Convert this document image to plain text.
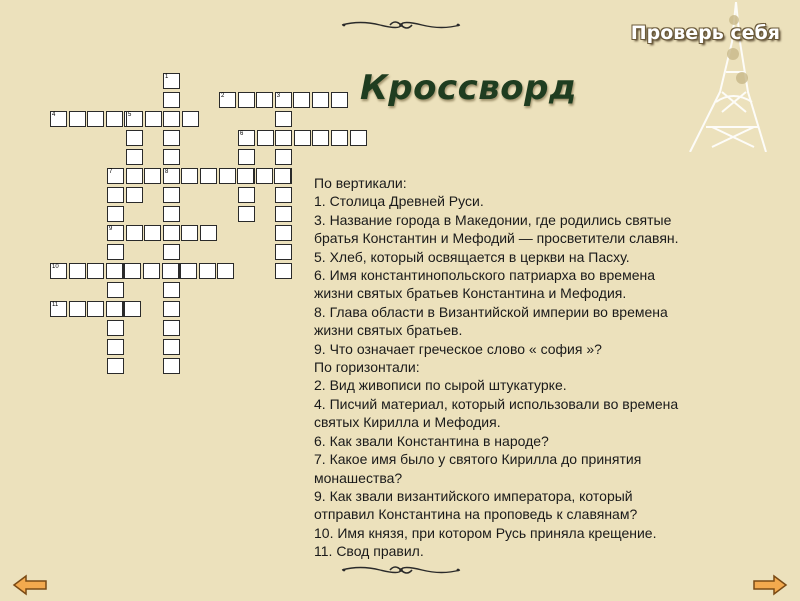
Проверь себя
Кроссворд
1
8
2	3
4	5
6
7
9
10
11
По вертикали:
1. Столица Древней Руси.
3. Название города в Македонии, где родились святые
братья Константин и Мефодий — просветители славян.
5. Хлеб, который освящается в церкви на Пасху.
6. Имя константинопольского патриарха во времена
жизни святых братьев Константина и Мефодия.
8. Глава области в Византийской империи во времена
жизни святых братьев.
9. Что означает греческое слово « софия »?
По горизонтали:
2. Вид живописи по сырой штукатурке.
4. Писчий материал, который использовали во времена
святых Кирилла и Мефодия.
6. Как звали Константина в народе?
7. Какое имя было у святого Кирилла до принятия
монашества?
9. Как звали византийского императора, который
отправил Константина на проповедь к славянам?
10. Имя князя, при котором Русь приняла крещение.
11. Свод правил.
